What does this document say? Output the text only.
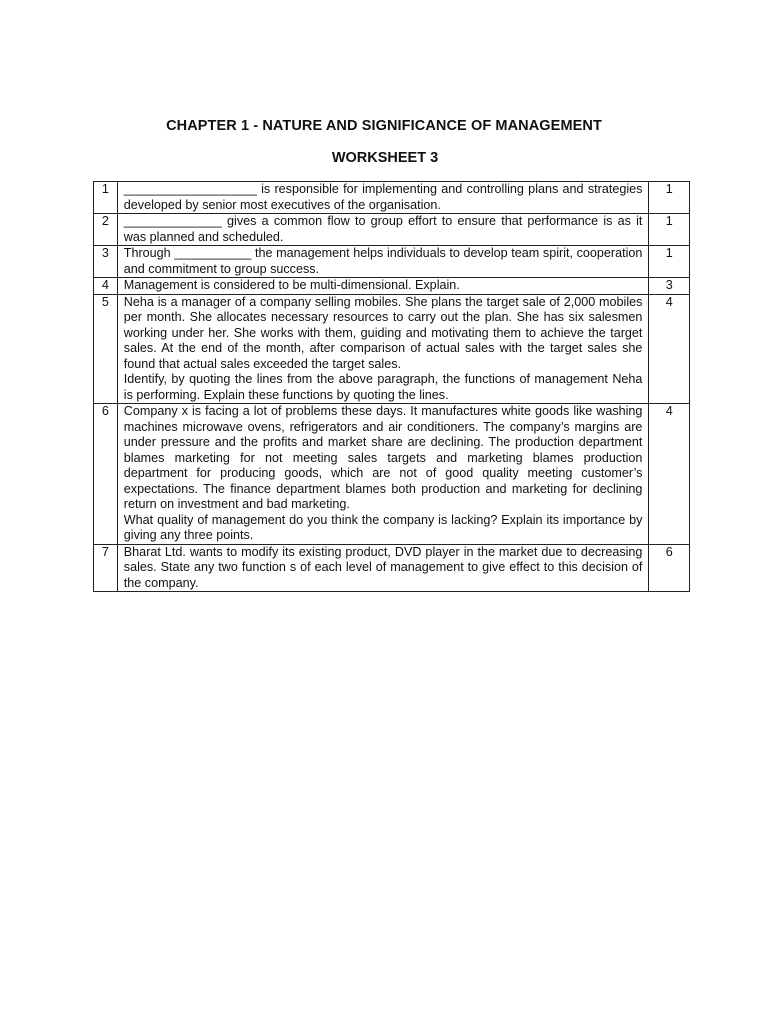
CHAPTER 1 - NATURE AND SIGNIFICANCE OF MANAGEMENT
WORKSHEET 3
1	___________________ is responsible for implementing and controlling plans and strategies developed by senior most executives of the organisation.	1
2	______________ gives a common flow to group effort to ensure that performance is as it was planned and scheduled.	1
3	Through ___________ the management helps individuals to develop team spirit, cooperation and commitment to group success.	1
4	Management is considered to be multi-dimensional. Explain.	3
5	Neha is a manager of a company selling mobiles. She plans the target sale of 2,000 mobiles per month. She allocates necessary resources to carry out the plan. She has six salesmen working under her. She works with them, guiding and motivating them to achieve the target sales. At the end of the month, after comparison of actual sales with the target sales she found that actual sales exceeded the target sales.
Identify, by quoting the lines from the above paragraph, the functions of management Neha is performing. Explain these functions by quoting the lines.	4
6	Company x is facing a lot of problems these days. It manufactures white goods like washing machines microwave ovens, refrigerators and air conditioners. The company’s margins are under pressure and the profits and market share are declining. The production department blames marketing for not meeting sales targets and marketing blames production department for producing goods, which are not of good quality meeting customer’s expectations. The finance department blames both production and marketing for declining return on investment and bad marketing.
What quality of management do you think the company is lacking? Explain its importance by giving any three points.	4
7	Bharat Ltd. wants to modify its existing product, DVD player in the market due to decreasing sales. State any two function s of each level of management to give effect to this decision of the company.	6
